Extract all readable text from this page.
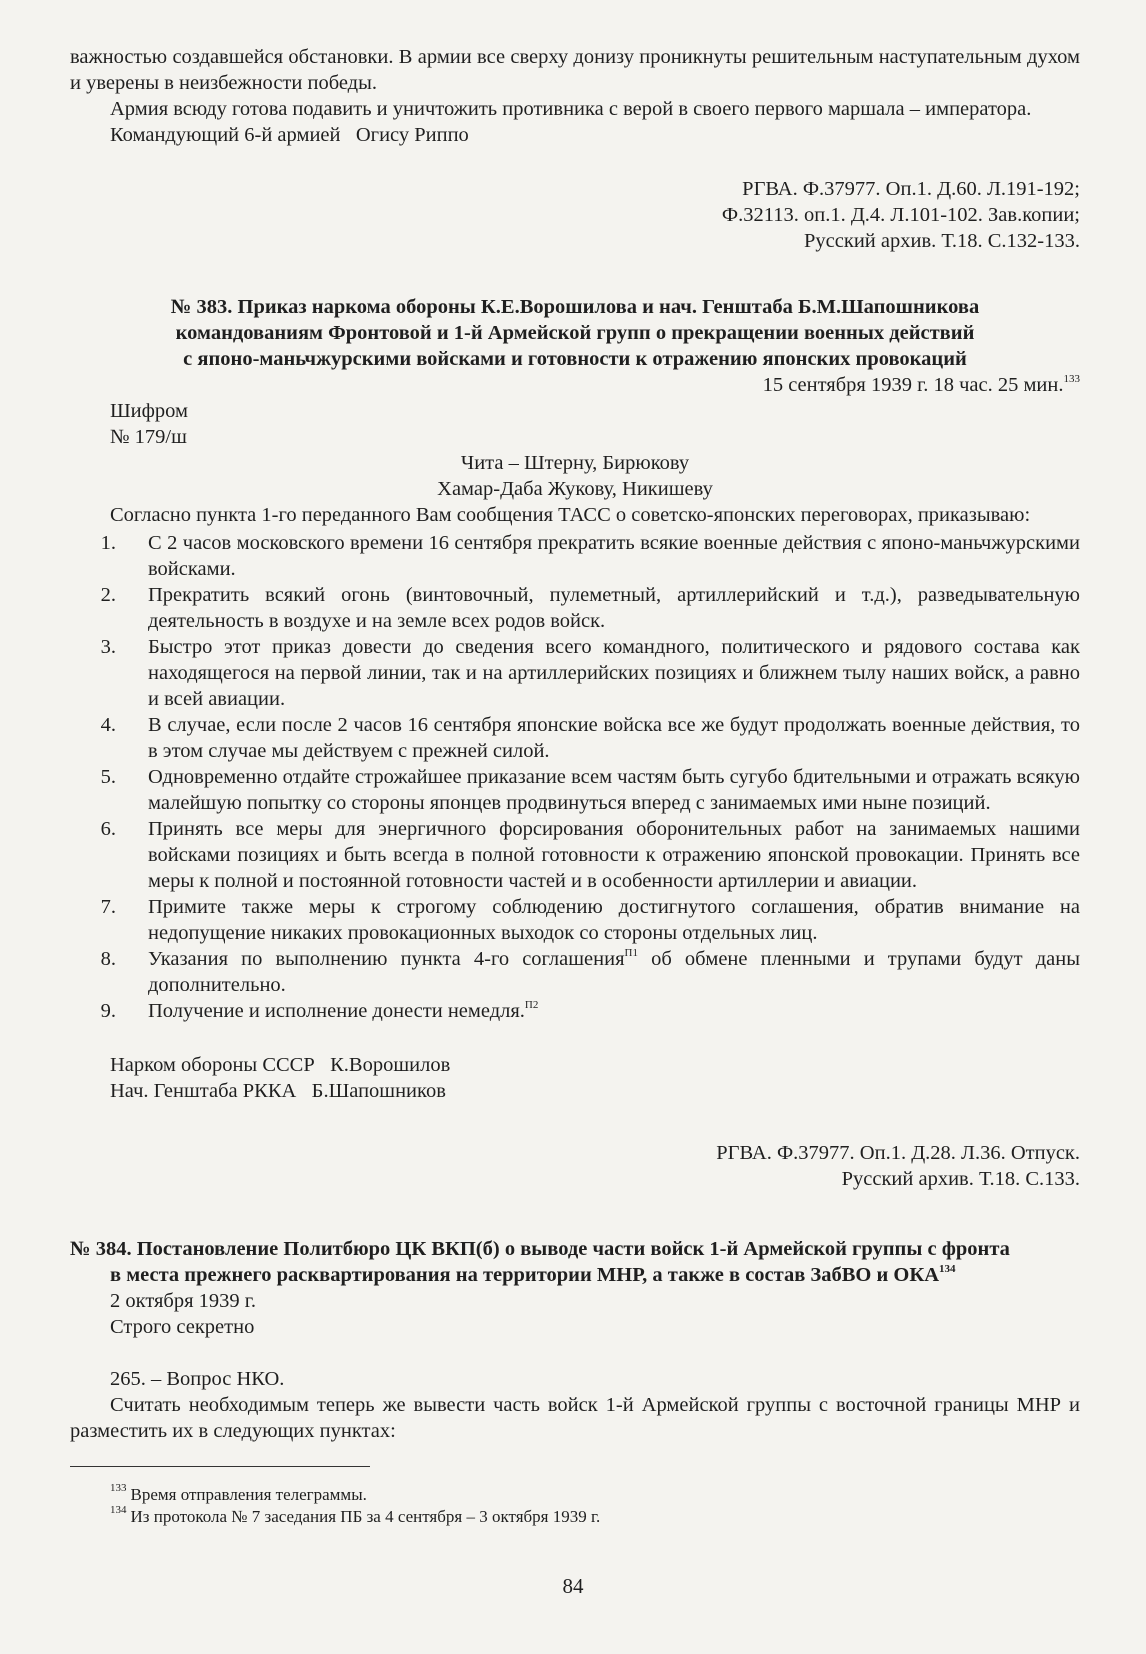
важностью создавшейся обстановки. В армии все сверху донизу проникнуты решительным наступательным духом и уверены в неизбежности победы.

Армия всюду готова подавить и уничтожить противника с верой в своего первого маршала – императора.

Командующий 6-й армией   Огису Риппо

РГВА. Ф.37977. Оп.1. Д.60. Л.191-192;

Ф.32113. оп.1. Д.4. Л.101-102. Зав.копии;

Русский архив. Т.18. С.132-133.

№ 383. Приказ наркома обороны К.Е.Ворошилова и нач. Генштаба Б.М.Шапошникова

командованиям Фронтовой и 1-й Армейской групп о прекращении военных действий

с японо-маньчжурскими войсками и готовности к отражению японских провокаций

15 сентября 1939 г. 18 час. 25 мин.$^{133}$

Шифром

№ 179/ш

Чита – Штерну, Бирюкову

Хамар-Даба Жукову, Никишеву

Согласно пункта 1-го переданного Вам сообщения ТАСС о советско-японских переговорах, приказываю:

1.	С 2 часов московского времени 16 сентября прекратить всякие военные действия с японо-маньчжурскими войсками.
2.	Прекратить всякий огонь (винтовочный, пулеметный, артиллерийский и т.д.), разведывательную деятельность в воздухе и на земле всех родов войск.
3.	Быстро этот приказ довести до сведения всего командного, политического и рядового состава как находящегося на первой линии, так и на артиллерийских позициях и ближнем тылу наших войск, а равно и всей авиации.
4.	В случае, если после 2 часов 16 сентября японские войска все же будут продолжать военные действия, то в этом случае мы действуем с прежней силой.
5.	Одновременно отдайте строжайшее приказание всем частям быть сугубо бдительными и отражать всякую малейшую попытку со стороны японцев продвинуться вперед с занимаемых ими ныне позиций.
6.	Принять все меры для энергичного форсирования оборонительных работ на занимаемых нашими войсками позициях и быть всегда в полной готовности к отражению японской провокации. Принять все меры к полной и постоянной готовности частей и в особенности артиллерии и авиации.
7.	Примите также меры к строгому соблюдению достигнутого соглашения, обратив внимание на недопущение никаких провокационных выходок со стороны отдельных лиц.
8.	Указания по выполнению пункта 4-го соглашения$^{П1}$ об обмене пленными и трупами будут даны дополнительно.
9.	Получение и исполнение донести немедля.$^{П2}$

Нарком обороны СССР   К.Ворошилов

Нач. Генштаба РККА   Б.Шапошников

РГВА. Ф.37977. Оп.1. Д.28. Л.36. Отпуск.

Русский архив. Т.18. С.133.

№ 384. Постановление Политбюро ЦК ВКП(б) о выводе части войск 1-й Армейской группы с фронта

в места прежнего расквартирования на территории МНР, а также в состав ЗабВО и ОКА$^{134}$

2 октября 1939 г.

Строго секретно

265. – Вопрос НКО.

Считать необходимым теперь же вывести часть войск 1-й Армейской группы с восточной границы МНР и разместить их в следующих пунктах:

$^{133}$ Время отправления телеграммы.

$^{134}$ Из протокола № 7 заседания ПБ за 4 сентября – 3 октября 1939 г.

84
